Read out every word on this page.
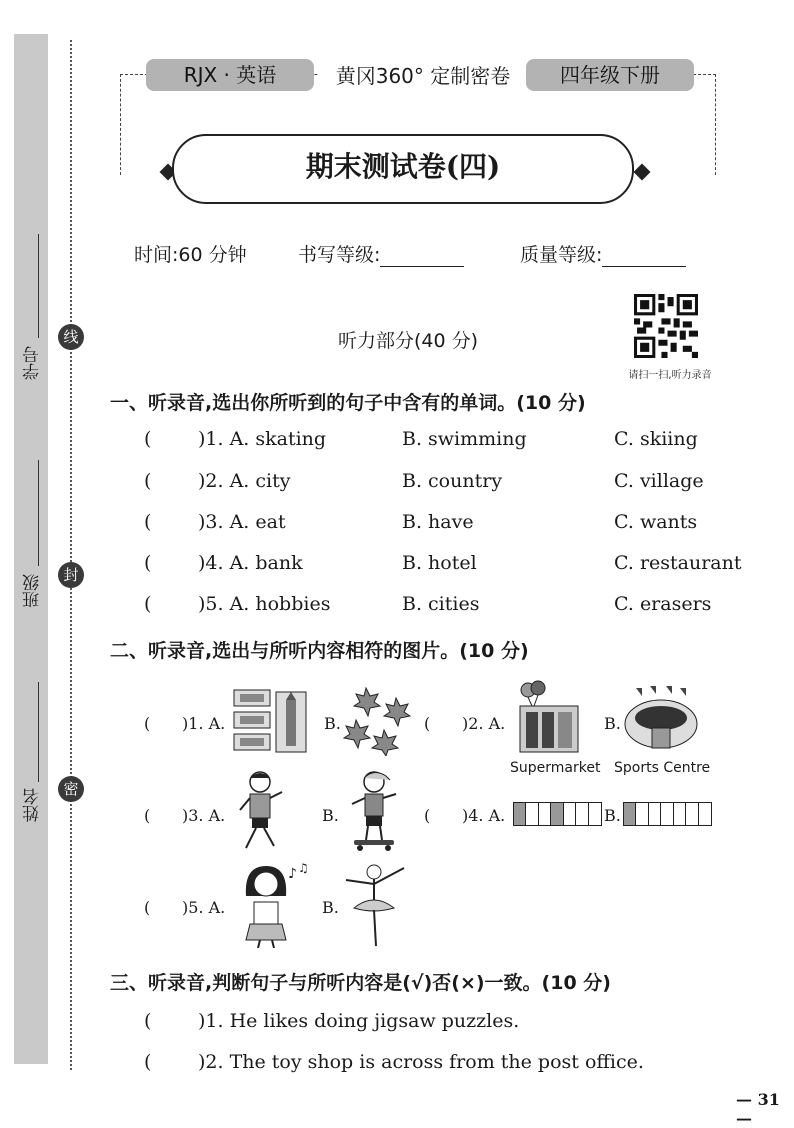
线
封
密
学号
班级
姓名
RJX · 英语	黄冈360° 定制密卷	四年级下册
期末测试卷(四)
时间:60 分钟	书写等级:	质量等级:
请扫一扫,听力录音
听力部分(40 分)
一、听录音,选出你所听到的句子中含有的单词。(10 分)
( )1. A. skating	B. swimming	C. skiing
( )2. A. city	B. country	C. village
( )3. A. eat	B. have	C. wants
( )4. A. bank	B. hotel	C. restaurant
( )5. A. hobbies	B. cities	C. erasers
二、听录音,选出与所听内容相符的图片。(10 分)
( )1. A.	B.	( )2. A.	B.
Supermarket Sports Centre
( )3. A.	B.	( )4. A.	B.
( )5. A.
♪ ♫
B.
三、听录音,判断句子与所听内容是(√)否(×)一致。(10 分)
( )1. He likes doing jigsaw puzzles.
( )2. The toy shop is across from the post office.
— 31 —
